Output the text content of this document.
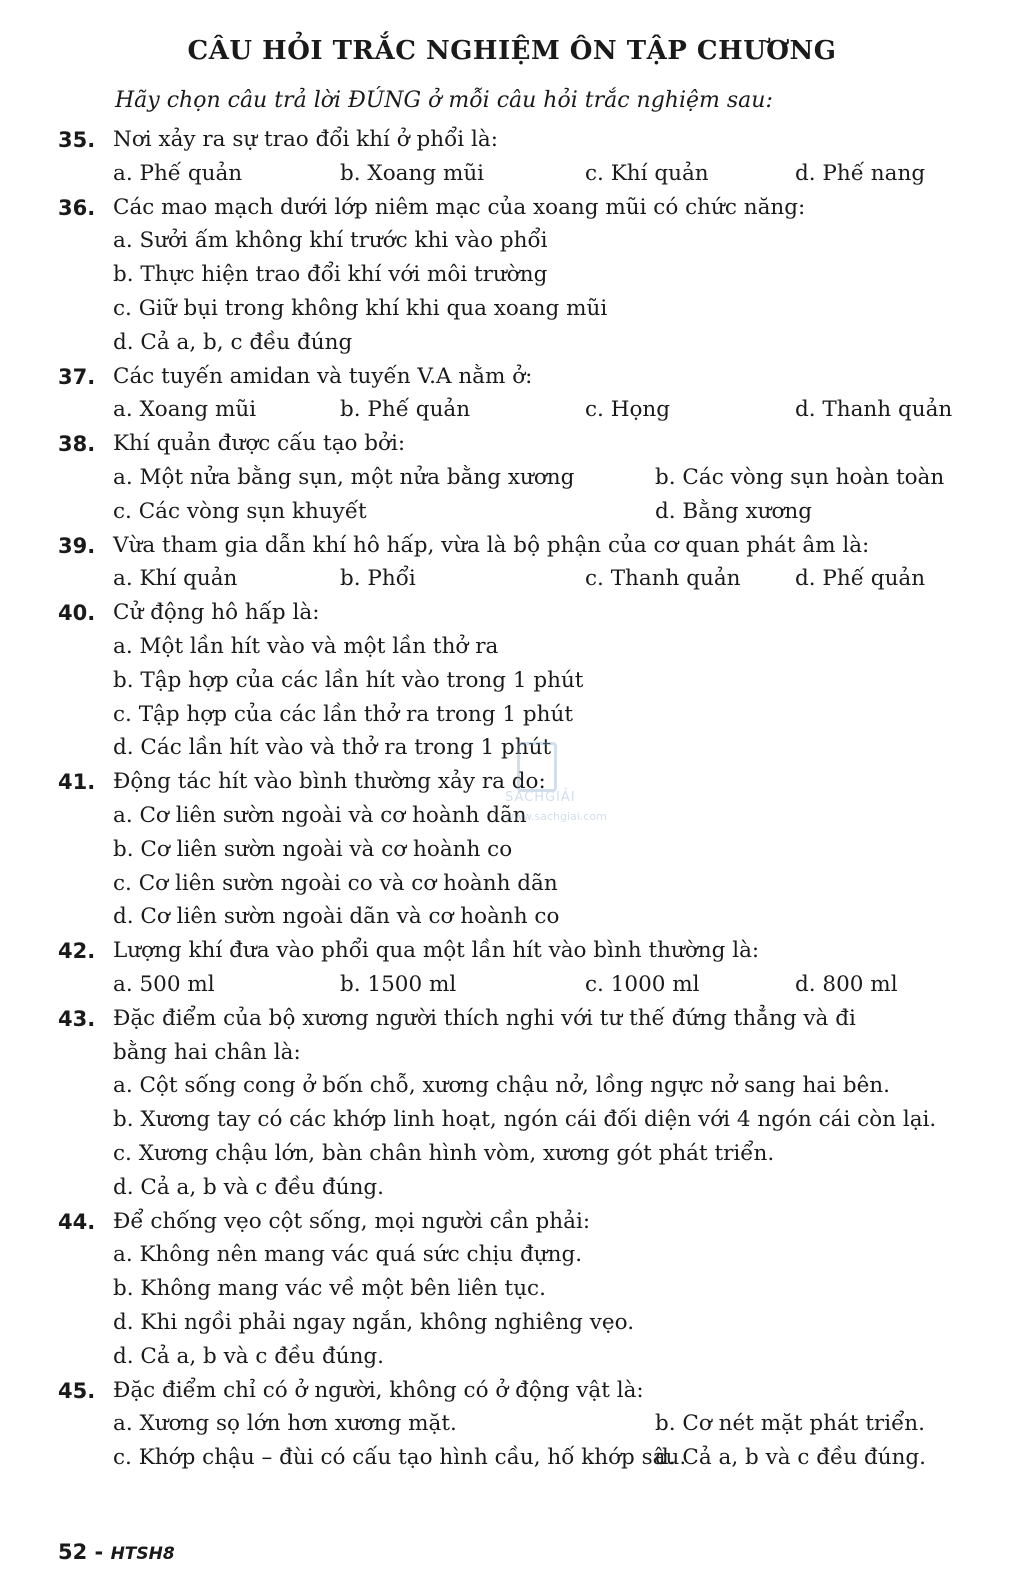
CÂU HỎI TRẮC NGHIỆM ÔN TẬP CHƯƠNG
Hãy chọn câu trả lời ĐÚNG ở mỗi câu hỏi trắc nghiệm sau:
35. Nơi xảy ra sự trao đổi khí ở phổi là:
a. Phế quản	b. Xoang mũi	c. Khí quản	d. Phế nang
36. Các mao mạch dưới lớp niêm mạc của xoang mũi có chức năng:
a. Sưởi ấm không khí trước khi vào phổi
b. Thực hiện trao đổi khí với môi trường
c. Giữ bụi trong không khí khi qua xoang mũi
d. Cả a, b, c đều đúng
37. Các tuyến amidan và tuyến V.A nằm ở:
a. Xoang mũi	b. Phế quản	c. Họng	d. Thanh quản
38. Khí quản được cấu tạo bởi:
a. Một nửa bằng sụn, một nửa bằng xương	b. Các vòng sụn hoàn toàn
c. Các vòng sụn khuyết	d. Bằng xương
39. Vừa tham gia dẫn khí hô hấp, vừa là bộ phận của cơ quan phát âm là:
a. Khí quản	b. Phổi	c. Thanh quản	d. Phế quản
40. Cử động hô hấp là:
a. Một lần hít vào và một lần thở ra
b. Tập hợp của các lần hít vào trong 1 phút
c. Tập hợp của các lần thở ra trong 1 phút
d. Các lần hít vào và thở ra trong 1 phút
41. Động tác hít vào bình thường xảy ra do:
a. Cơ liên sườn ngoài và cơ hoành dãn
b. Cơ liên sườn ngoài và cơ hoành co
c. Cơ liên sườn ngoài co và cơ hoành dãn
d. Cơ liên sườn ngoài dãn và cơ hoành co
42. Lượng khí đưa vào phổi qua một lần hít vào bình thường là:
a. 500 ml	b. 1500 ml	c. 1000 ml	d. 800 ml
43. Đặc điểm của bộ xương người thích nghi với tư thế đứng thẳng và đi
bằng hai chân là:
a. Cột sống cong ở bốn chỗ, xương chậu nở, lồng ngực nở sang hai bên.
b. Xương tay có các khớp linh hoạt, ngón cái đối diện với 4 ngón cái còn lại.
c. Xương chậu lớn, bàn chân hình vòm, xương gót phát triển.
d. Cả a, b và c đều đúng.
44. Để chống vẹo cột sống, mọi người cần phải:
a. Không nên mang vác quá sức chịu đựng.
b. Không mang vác về một bên liên tục.
d. Khi ngồi phải ngay ngắn, không nghiêng vẹo.
d. Cả a, b và c đều đúng.
45. Đặc điểm chỉ có ở người, không có ở động vật là:
a. Xương sọ lớn hơn xương mặt.	b. Cơ nét mặt phát triển.
c. Khớp chậu – đùi có cấu tạo hình cầu, hố khớp sâu.
d. Cả a, b và c đều đúng.
SÁCHGIẢI
www.sachgiai.com
52 - HTSH8
